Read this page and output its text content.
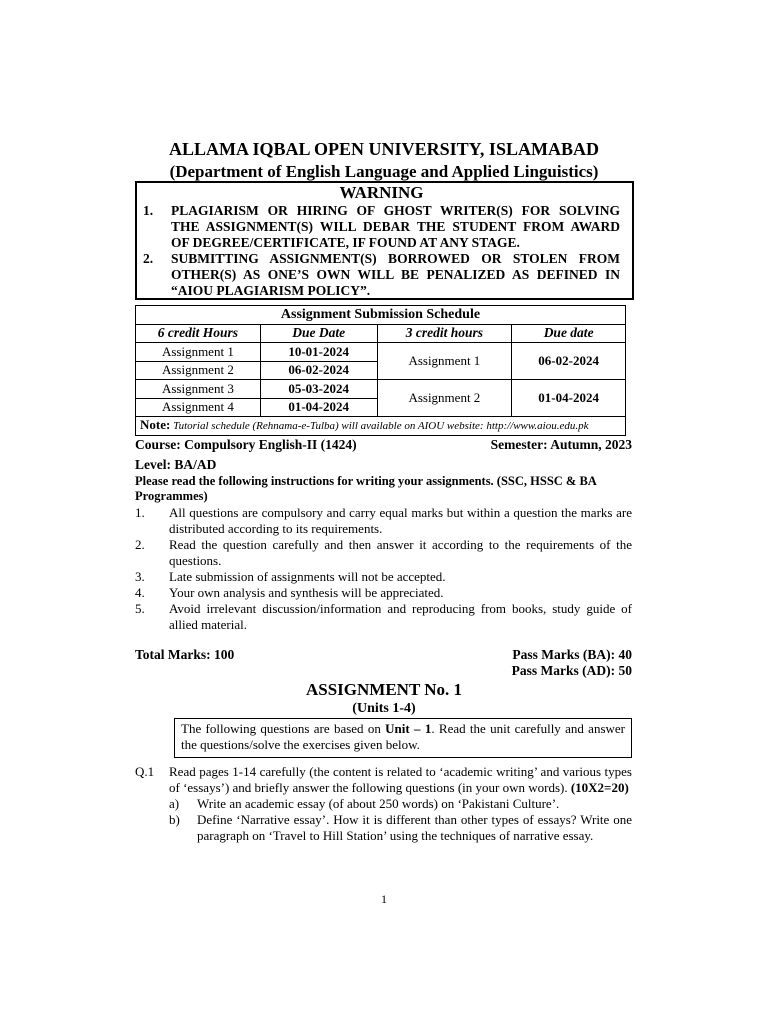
ALLAMA IQBAL OPEN UNIVERSITY, ISLAMABAD
(Department of English Language and Applied Linguistics)
WARNING
1.	PLAGIARISM OR HIRING OF GHOST WRITER(S) FOR SOLVING
THE ASSIGNMENT(S) WILL DEBAR THE STUDENT FROM AWARD
OF DEGREE/CERTIFICATE, IF FOUND AT ANY STAGE.
2.	SUBMITTING ASSIGNMENT(S) BORROWED OR STOLEN FROM
OTHER(S) AS ONE’S OWN WILL BE PENALIZED AS DEFINED IN
“AIOU PLAGIARISM POLICY”.
Assignment Submission Schedule			
6 credit Hours	Due Date	3 credit hours	Due date
Assignment 1	10-01-2024	Assignment 1	06-02-2024
Assignment 2	06-02-2024		
Assignment 3	05-03-2024	Assignment 2	01-04-2024
Assignment 4	01-04-2024		
Note: Tutorial schedule (Rehnama-e-Tulba) will available on AIOU website: http://www.aiou.edu.pk			
Course: Compulsory English-II (1424)	Semester: Autumn, 2023
Level: BA/AD
Please read the following instructions for writing your assignments. (SSC, HSSC & BA
Programmes)
1.	All questions are compulsory and carry equal marks but within a question the marks are distributed according to its requirements.
2.	Read the question carefully and then answer it according to the requirements of the questions.
3.	Late submission of assignments will not be accepted.
4.	Your own analysis and synthesis will be appreciated.
5.	Avoid irrelevant discussion/information and reproducing from books, study guide of allied material.
Total Marks: 100	Pass Marks (BA): 40
Pass Marks (AD): 50
ASSIGNMENT No. 1
(Units 1-4)
The following questions are based on Unit – 1. Read the unit carefully and answer the questions/solve the exercises given below.
Q.1	Read pages 1-14 carefully (the content is related to ‘academic writing’ and various types of ‘essays’) and briefly answer the following questions (in your own words). (10X2=20)
a)	Write an academic essay (of about 250 words) on ‘Pakistani Culture’.
b)	Define ‘Narrative essay’. How it is different than other types of essays? Write one paragraph on ‘Travel to Hill Station’ using the techniques of narrative essay.
1
